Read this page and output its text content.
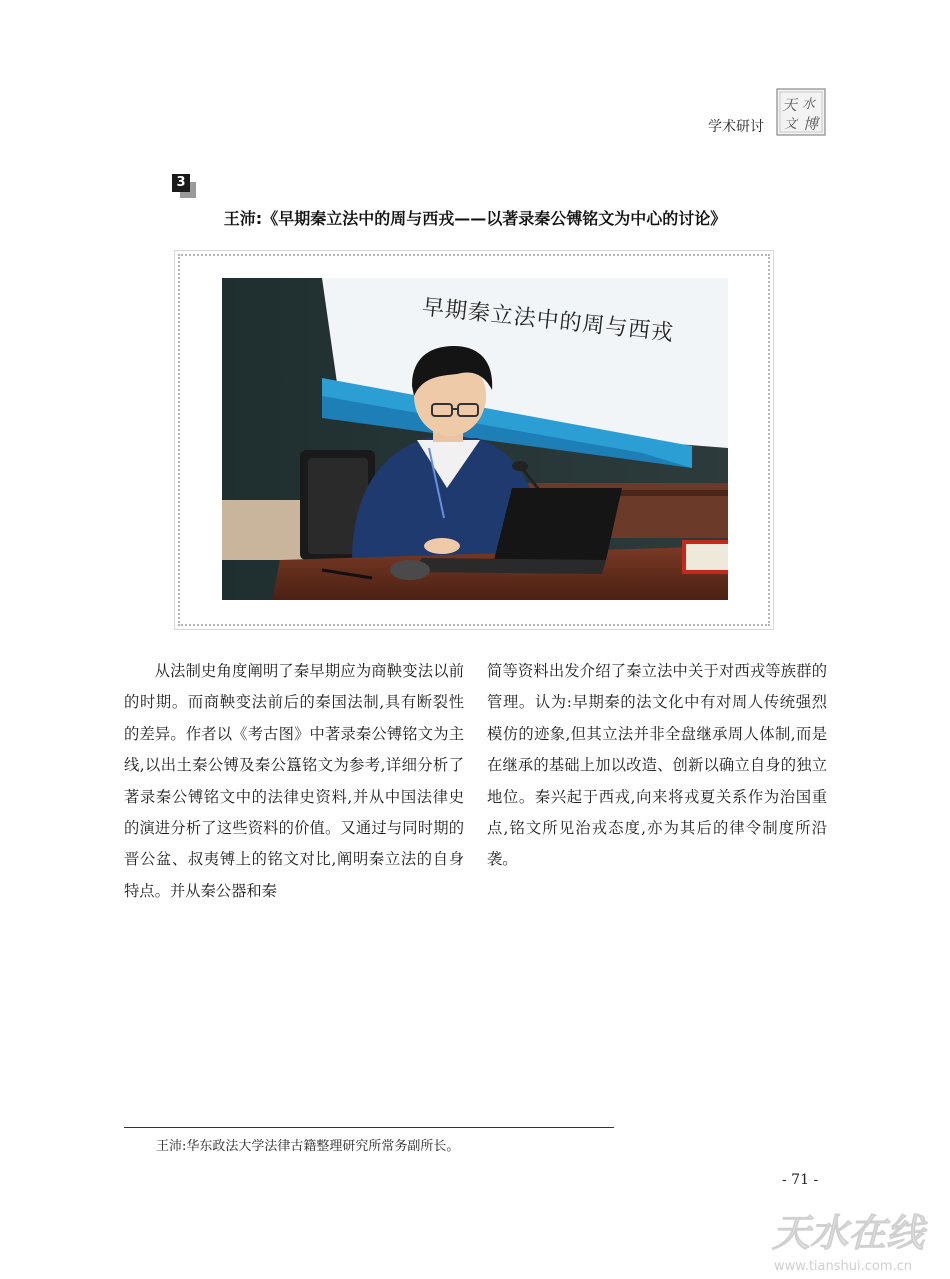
学术研讨
天 水
文 博
3
王沛:《早期秦立法中的周与西戎——以著录秦公镈铭文为中心的讨论》
早期秦立法中的周与西戎
从法制史角度阐明了秦早期应为商鞅变法以前的时期。而商鞅变法前后的秦国法制,具有断裂性的差异。作者以《考古图》中著录秦公镈铭文为主线,以出土秦公镈及秦公簋铭文为参考,详细分析了著录秦公镈铭文中的法律史资料,并从中国法律史的演进分析了这些资料的价值。又通过与同时期的晋公盆、叔夷镈上的铭文对比,阐明秦立法的自身特点。并从秦公器和秦
简等资料出发介绍了秦立法中关于对西戎等族群的管理。认为:早期秦的法文化中有对周人传统强烈模仿的迹象,但其立法并非全盘继承周人体制,而是在继承的基础上加以改造、创新以确立自身的独立地位。秦兴起于西戎,向来将戎夏关系作为治国重点,铭文所见治戎态度,亦为其后的律令制度所沿袭。
王沛:华东政法大学法律古籍整理研究所常务副所长。
- 71 -
天水在线
www.tianshui.com.cn
